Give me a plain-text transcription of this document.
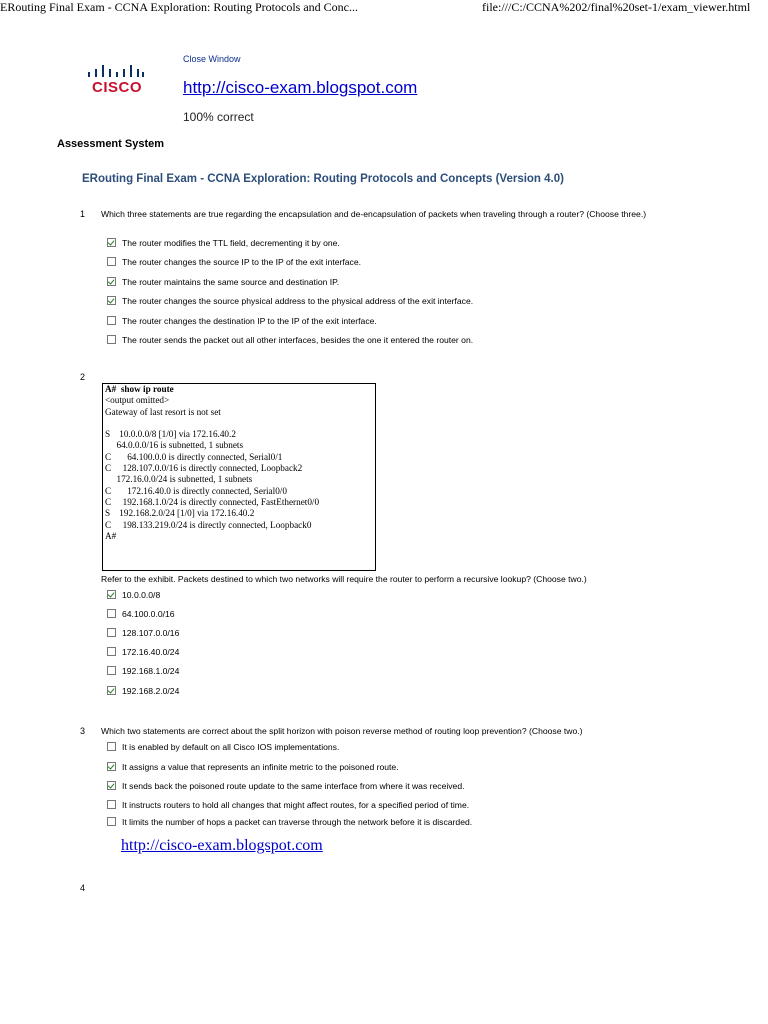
ERouting Final Exam - CCNA Exploration: Routing Protocols and Conc...	file:///C:/CCNA%202/final%20set-1/exam_viewer.html
CISCO
Close Window
http://cisco-exam.blogspot.com
100% correct
Assessment System
ERouting Final Exam - CCNA Exploration: Routing Protocols and Concepts (Version 4.0)
1 Which three statements are true regarding the encapsulation and de-encapsulation of packets when traveling through a router? (Choose three.)
The router modifies the TTL field, decrementing it by one.
The router changes the source IP to the IP of the exit interface.
The router maintains the same source and destination IP.
The router changes the source physical address to the physical address of the exit interface.
The router changes the destination IP to the IP of the exit interface.
The router sends the packet out all other interfaces, besides the one it entered the router on.
2
A#  show ip route
<output omitted>
Gateway of last resort is not set
S    10.0.0.0/8 [1/0] via 172.16.40.2
64.0.0.0/16 is subnetted, 1 subnets
C       64.100.0.0 is directly connected, Serial0/1
C     128.107.0.0/16 is directly connected, Loopback2
172.16.0.0/24 is subnetted, 1 subnets
C       172.16.40.0 is directly connected, Serial0/0
C     192.168.1.0/24 is directly connected, FastEthernet0/0
S    192.168.2.0/24 [1/0] via 172.16.40.2
C     198.133.219.0/24 is directly connected, Loopback0
A#
Refer to the exhibit. Packets destined to which two networks will require the router to perform a recursive lookup? (Choose two.)
10.0.0.0/8
64.100.0.0/16
128.107.0.0/16
172.16.40.0/24
192.168.1.0/24
192.168.2.0/24
3 Which two statements are correct about the split horizon with poison reverse method of routing loop prevention? (Choose two.)
It is enabled by default on all Cisco IOS implementations.
It assigns a value that represents an infinite metric to the poisoned route.
It sends back the poisoned route update to the same interface from where it was received.
It instructs routers to hold all changes that might affect routes, for a specified period of time.
It limits the number of hops a packet can traverse through the network before it is discarded.
http://cisco-exam.blogspot.com
4
